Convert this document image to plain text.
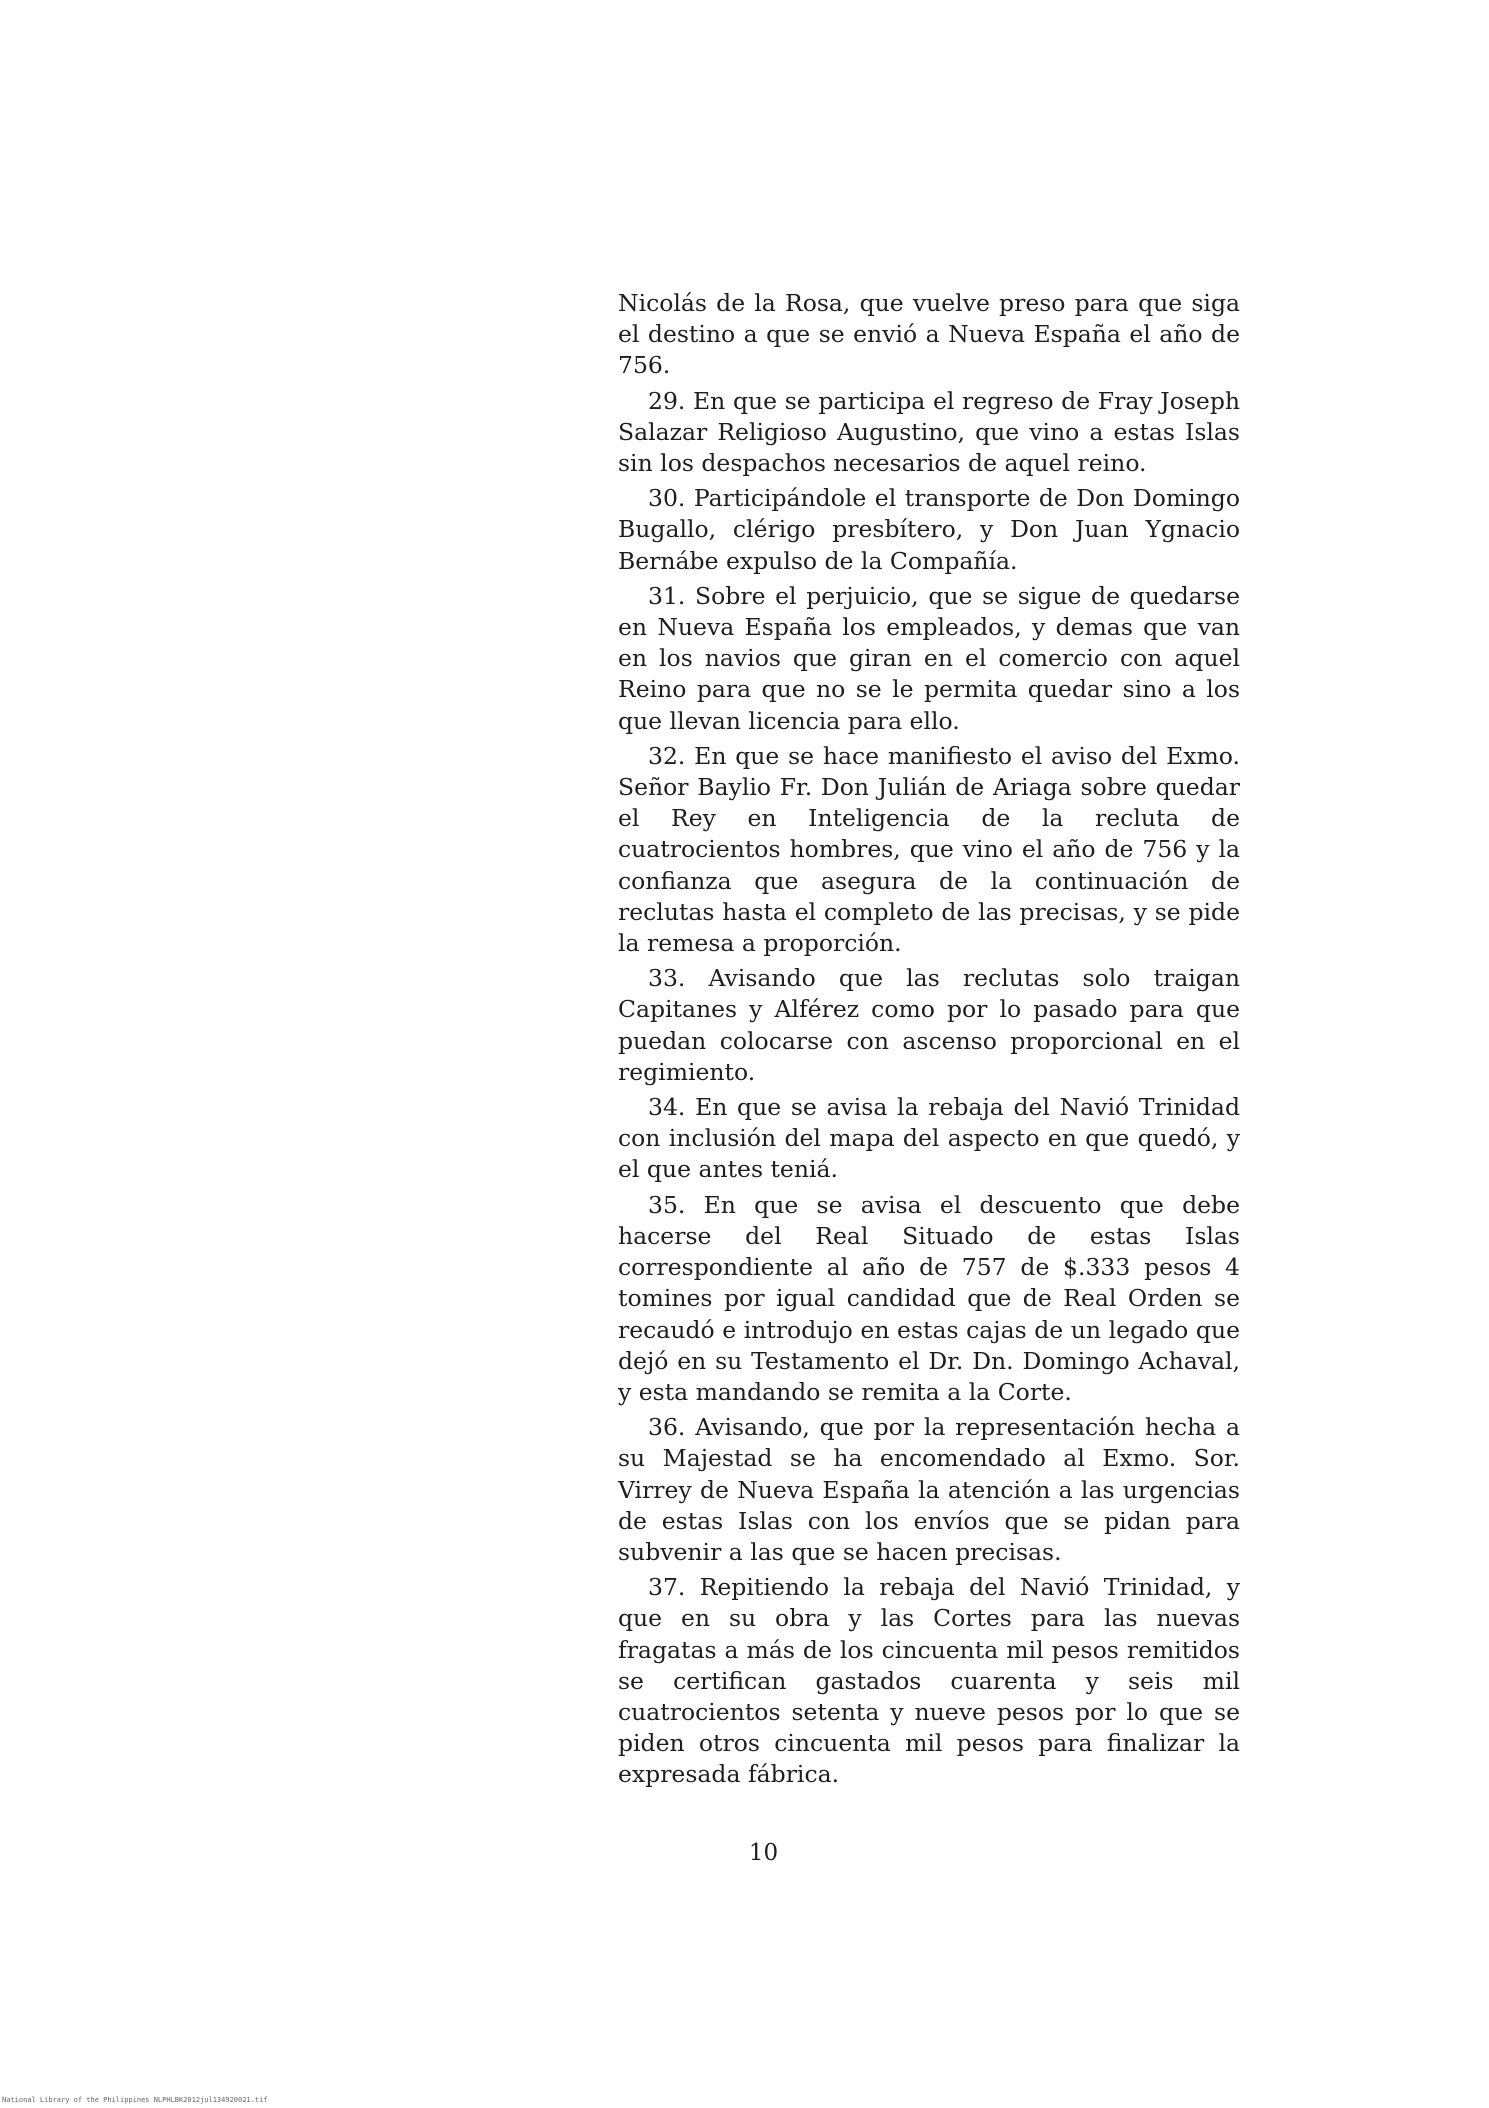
Nicolás de la Rosa, que vuelve preso para que siga el destino a que se envió a Nueva España el año de 756.

29. En que se participa el regreso de Fray Joseph Salazar Religioso Augustino, que vino a estas Islas sin los despachos necesarios de aquel reino.

30. Participándole el transporte de Don Domingo Bugallo, clérigo presbítero, y Don Juan Ygnacio Bernábe expulso de la Compañía.

31. Sobre el perjuicio, que se sigue de quedarse en Nueva España los empleados, y demas que van en los navios que giran en el comercio con aquel Reino para que no se le permita quedar sino a los que llevan licencia para ello.

32. En que se hace manifiesto el aviso del Exmo. Señor Baylio Fr. Don Julián de Ariaga sobre quedar el Rey en Inteligencia de la recluta de cuatrocientos hombres, que vino el año de 756 y la confianza que asegura de la continuación de reclutas hasta el completo de las precisas, y se pide la remesa a proporción.

33. Avisando que las reclutas solo traigan Capitanes y Alférez como por lo pasado para que puedan colocarse con ascenso proporcional en el regimiento.

34. En que se avisa la rebaja del Navió Trinidad con inclusión del mapa del aspecto en que quedó, y el que antes teniá.

35. En que se avisa el descuento que debe hacerse del Real Situado de estas Islas correspondiente al año de 757 de $.333 pesos 4 tomines por igual candidad que de Real Orden se recaudó e introdujo en estas cajas de un legado que dejó en su Testamento el Dr. Dn. Domingo Achaval, y esta mandando se remita a la Corte.

36. Avisando, que por la representación hecha a su Majestad se ha encomendado al Exmo. Sor. Virrey de Nueva España la atención a las urgencias de estas Islas con los envíos que se pidan para subvenir a las que se hacen precisas.

37. Repitiendo la rebaja del Navió Trinidad, y que en su obra y las Cortes para las nuevas fragatas a más de los cincuenta mil pesos remitidos se certifican gastados cuarenta y seis mil cuatrocientos setenta y nueve pesos por lo que se piden otros cincuenta mil pesos para finalizar la expresada fábrica.

10
National Library of the Philippines NLPHLBK2012jul134920021.tif
